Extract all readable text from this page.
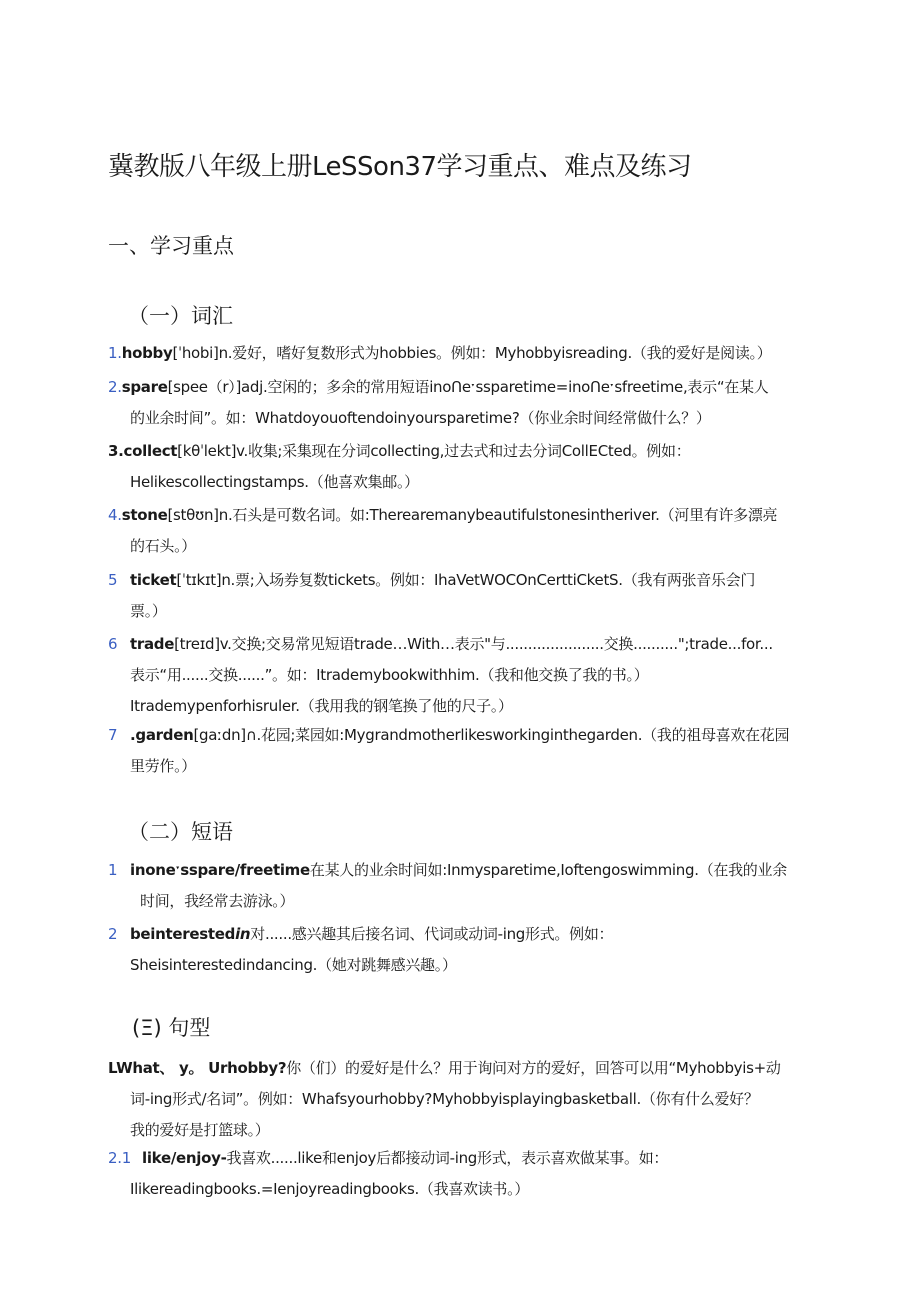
冀教版八年级上册LeSSon37学习重点、难点及练习
一、学习重点
（一）词汇
1.hobby[ˈhobi]n.爱好，嗜好复数形式为hobbies。例如：Myhobbyisreading.（我的爱好是阅读。）
2.spare[spee（r）]adj.空闲的；多余的常用短语inoՈeˑssparetime=inoՈeˑsfreetime,表示“在某人
的业余时间”。如：Whatdoyouoftendoinyoursparetime?（你业余时间经常做什么？）
3.collect[kθˈlekt]v.收集;采集现在分词collecting,过去式和过去分词CollECted。例如：
Helikescollectingstamps.（他喜欢集邮。）
4.stone[stθʊn]n.石头是可数名词。如:Therearemanybeautifulstonesintheriver.（河里有许多漂亮
的石头。）
5 ticket[ˈtɪkɪt]n.票;入场券复数tickets。例如：IhaVetWOCOnCerttiCketS.（我有两张音乐会门
票。）
6 trade[treɪd]v.交换;交易常见短语trade…With…表示"与......................交换..........";trade...for...
表示“用......交换......”。如：Itrademybookwithhim.（我和他交换了我的书。）
Itrademypenforhisruler.（我用我的钢笔换了他的尺子。）
7 .garden[gaːdn]∩.花园;菜园如:Mygrandmotherlikesworkinginthegarden.（我的祖母喜欢在花园
里劳作。）
（二）短语
1 inoneˑsspare/freetime在某人的业余时间如:Inmysparetime,Ioftengoswimming.（在我的业余
时间，我经常去游泳。）
2 beinterestedin对......感兴趣其后接名词、代词或动词-ing形式。例如：
Sheisinterestedindancing.（她对跳舞感兴趣。）
(Ξ) 句型
LWhat、 y。 Urhobby?你（们）的爱好是什么？用于询问对方的爱好，回答可以用“Myhobbyis+动
词-ing形式/名词”。例如：Whafsyourhobby?Myhobbyisplayingbasketball.（你有什么爱好？
我的爱好是打篮球。）
2.1 like/enjoy-我喜欢......like和enjoy后都接动词-ing形式，表示喜欢做某事。如：
Ilikereadingbooks.=Ienjoyreadingbooks.（我喜欢读书。）
